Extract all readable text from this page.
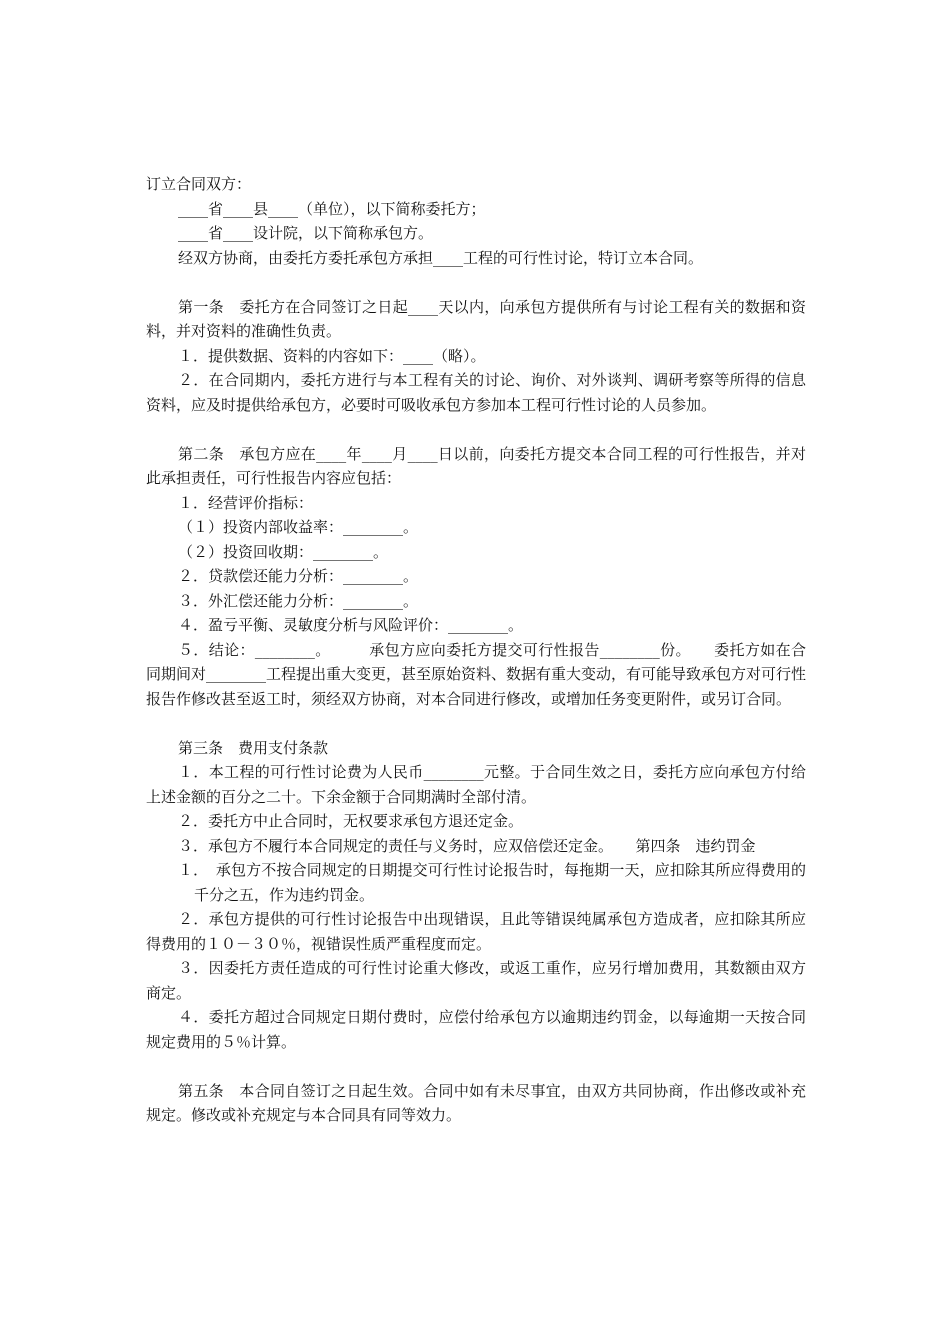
订立合同双方：

____省____县____（单位），以下简称委托方；

____省____设计院，以下简称承包方。

经双方协商，由委托方委托承包方承担____工程的可行性讨论，特订立本合同。

第一条　委托方在合同签订之日起____天以内，向承包方提供所有与讨论工程有关的数据和资料，并对资料的准确性负责。

１．提供数据、资料的内容如下：____（略）。

２．在合同期内，委托方进行与本工程有关的讨论、询价、对外谈判、调研考察等所得的信息资料，应及时提供给承包方，必要时可吸收承包方参加本工程可行性讨论的人员参加。

第二条　承包方应在____年____月____日以前，向委托方提交本合同工程的可行性报告，并对此承担责任，可行性报告内容应包括：

１．经营评价指标：

（１）投资内部收益率：________。

（２）投资回收期：________。

２．贷款偿还能力分析：________。

３．外汇偿还能力分析：________。

４．盈亏平衡、灵敏度分析与风险评价：________。

５．结论：________。　　　承包方应向委托方提交可行性报告________份。　　委托方如在合同期间对________工程提出重大变更，甚至原始资料、数据有重大变动，有可能导致承包方对可行性报告作修改甚至返工时，须经双方协商，对本合同进行修改，或增加任务变更附件，或另订合同。

第三条　费用支付条款

１．本工程的可行性讨论费为人民币________元整。于合同生效之日，委托方应向承包方付给上述金额的百分之二十。下余金额于合同期满时全部付清。

２．委托方中止合同时，无权要求承包方退还定金。

３．承包方不履行本合同规定的责任与义务时，应双倍偿还定金。　　第四条　违约罚金

１．　承包方不按合同规定的日期提交可行性讨论报告时，每拖期一天，应扣除其所应得费用的千分之五，作为违约罚金。

２．承包方提供的可行性讨论报告中出现错误，且此等错误纯属承包方造成者，应扣除其所应得费用的１０－３０％，视错误性质严重程度而定。

３．因委托方责任造成的可行性讨论重大修改，或返工重作，应另行增加费用，其数额由双方商定。

４．委托方超过合同规定日期付费时，应偿付给承包方以逾期违约罚金，以每逾期一天按合同规定费用的５％计算。

第五条　本合同自签订之日起生效。合同中如有未尽事宜，由双方共同协商，作出修改或补充规定。修改或补充规定与本合同具有同等效力。
